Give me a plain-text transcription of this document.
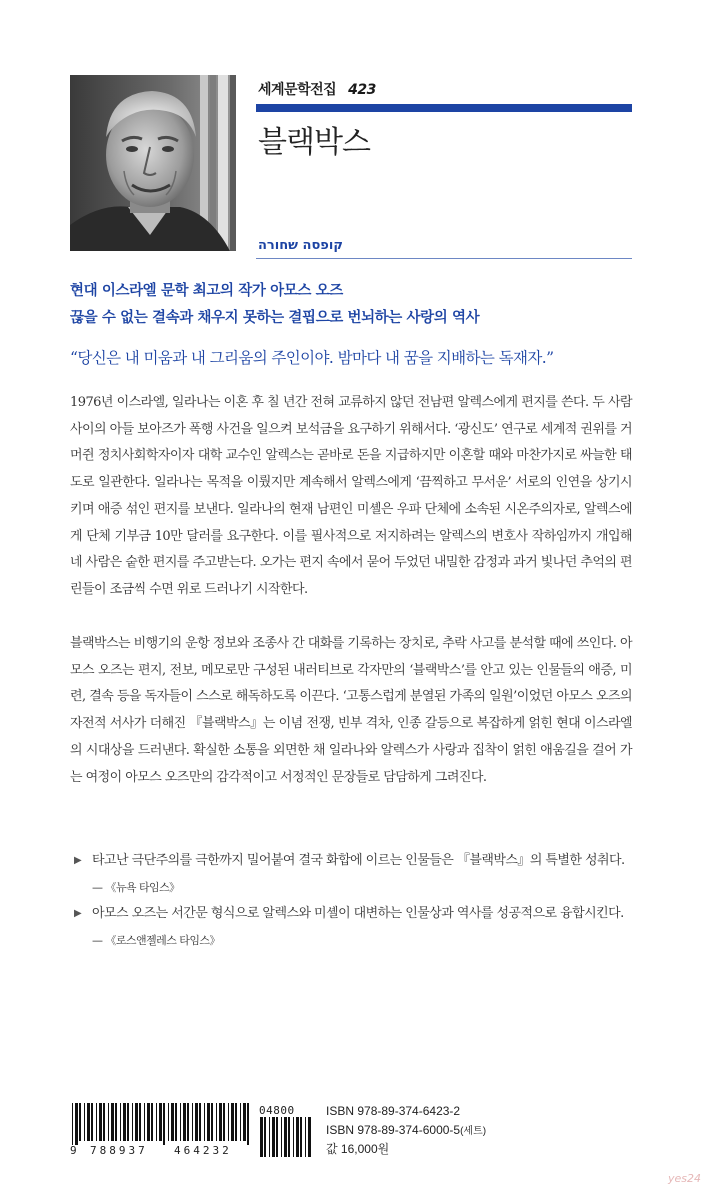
세계문학전집 423
블랙박스
קופסה שחורה
현대 이스라엘 문학 최고의 작가 아모스 오즈
끊을 수 없는 결속과 채우지 못하는 결핍으로 번뇌하는 사랑의 역사
“당신은 내 미움과 내 그리움의 주인이야. 밤마다 내 꿈을 지배하는 독재자.”

1976년 이스라엘, 일라나는 이혼 후 칠 년간 전혀 교류하지 않던 전남편 알렉스에게 편지를 쓴다. 두 사람 사이의 아들 보아즈가 폭행 사건을 일으켜 보석금을 요구하기 위해서다. ‘광신도’ 연구로 세계적 권위를 거머쥔 정치사회학자이자 대학 교수인 알렉스는 곧바로 돈을 지급하지만 이혼할 때와 마찬가지로 싸늘한 태도로 일관한다. 일라나는 목적을 이뤘지만 계속해서 알렉스에게 ‘끔찍하고 무서운’ 서로의 인연을 상기시키며 애증 섞인 편지를 보낸다. 일라나의 현재 남편인 미셸은 우파 단체에 소속된 시온주의자로, 알렉스에게 단체 기부금 10만 달러를 요구한다. 이를 필사적으로 저지하려는 알렉스의 변호사 작하임까지 개입해 네 사람은 숱한 편지를 주고받는다. 오가는 편지 속에서 묻어 두었던 내밀한 감정과 과거 빛나던 추억의 편린들이 조금씩 수면 위로 드러나기 시작한다.

블랙박스는 비행기의 운항 정보와 조종사 간 대화를 기록하는 장치로, 추락 사고를 분석할 때에 쓰인다. 아모스 오즈는 편지, 전보, 메모로만 구성된 내러티브로 각자만의 ‘블랙박스’를 안고 있는 인물들의 애증, 미련, 결속 등을 독자들이 스스로 해독하도록 이끈다. ‘고통스럽게 분열된 가족의 일원’이었던 아모스 오즈의 자전적 서사가 더해진 『블랙박스』는 이념 전쟁, 빈부 격차, 인종 갈등으로 복잡하게 얽힌 현대 이스라엘의 시대상을 드러낸다. 확실한 소통을 외면한 채 일라나와 알렉스가 사랑과 집착이 얽힌 애움길을 걸어 가는 여정이 아모스 오즈만의 감각적이고 서정적인 문장들로 담담하게 그려진다.

▶ 타고난 극단주의를 극한까지 밀어붙여 결국 화합에 이르는 인물들은 『블랙박스』의 특별한 성취다. — 《뉴욕 타임스》
▶ 아모스 오즈는 서간문 형식으로 알렉스와 미셸이 대변하는 인물상과 역사를 성공적으로 융합시킨다. — 《로스앤젤레스 타임스》
9 788937 464232
04800	ISBN 978-89-374-6423-2
ISBN 978-89-374-6000-5(세트)
값 16,000원
yes24
